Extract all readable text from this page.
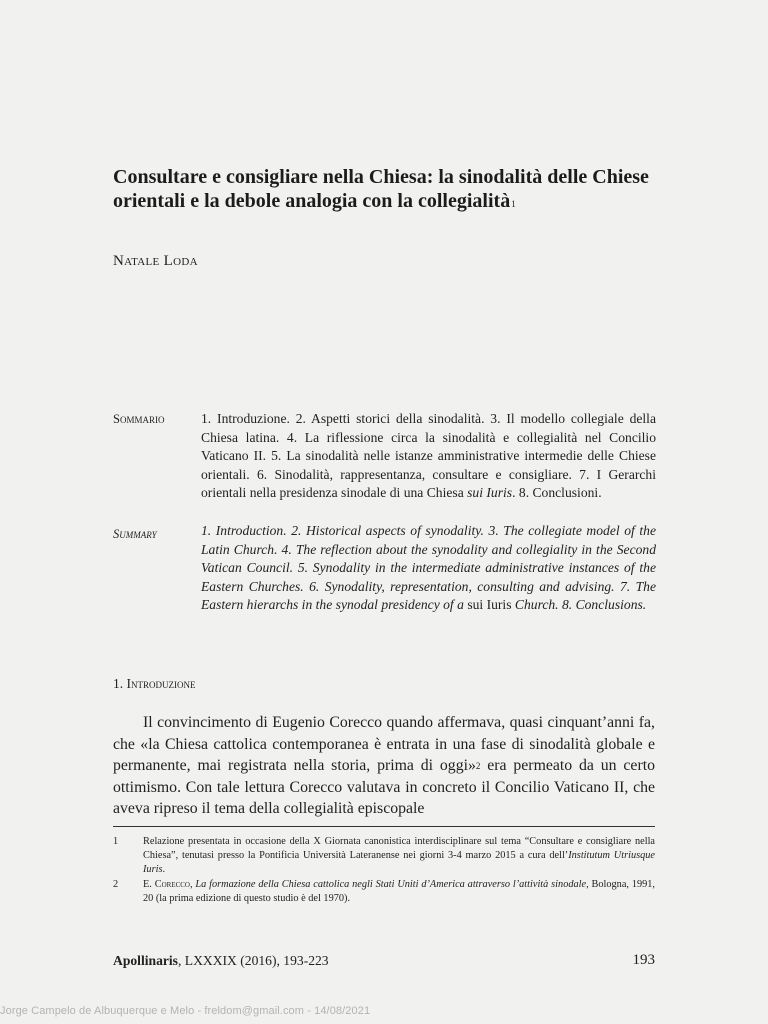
Consultare e consigliare nella Chiesa: la sinodalità delle Chiese orientali e la debole analogia con la collegialità$^1$
Natale Loda
Sommario	1. Introduzione. 2. Aspetti storici della sinodalità. 3. Il modello collegiale della Chiesa latina. 4. La riflessione circa la sinodalità e collegialità nel Concilio Vaticano II. 5. La sinodalità nelle istanze amministrative intermedie delle Chiese orientali. 6. Sinodalità, rappresentanza, consultare e consigliare. 7. I Gerarchi orientali nella presidenza sinodale di una Chiesa sui Iuris. 8. Conclusioni.
Summary	1. Introduction. 2. Historical aspects of synodality. 3. The collegiate model of the Latin Church. 4. The reflection about the synodality and collegiality in the Second Vatican Council. 5. Synodality in the intermediate administrative instances of the Eastern Churches. 6. Synodality, representation, consulting and advising. 7. The Eastern hierarchs in the synodal presidency of a sui Iuris Church. 8. Conclusions.
1. Introduzione
Il convincimento di Eugenio Corecco quando affermava, quasi cinquant’anni fa, che «la Chiesa cattolica contemporanea è entrata in una fase di sinodalità globale e permanente, mai registrata nella storia, prima di oggi»$^2$ era permeato da un certo ottimismo. Con tale lettura Corecco valutava in concreto il Concilio Vaticano II, che aveva ripreso il tema della collegialità episcopale
1 Relazione presentata in occasione della X Giornata canonistica interdisciplinare sul tema “Consultare e consigliare nella Chiesa”, tenutasi presso la Pontificia Università Lateranense nei giorni 3-4 marzo 2015 a cura dell’Institutum Utriusque Iuris.
2 E. Corecco, La formazione della Chiesa cattolica negli Stati Uniti d’America attraverso l’attività sinodale, Bologna, 1991, 20 (la prima edizione di questo studio è del 1970).
Apollinaris, LXXXIX (2016), 193-223	193
Jorge Campelo de Albuquerque e Melo - freldom@gmail.com - 14/08/2021
